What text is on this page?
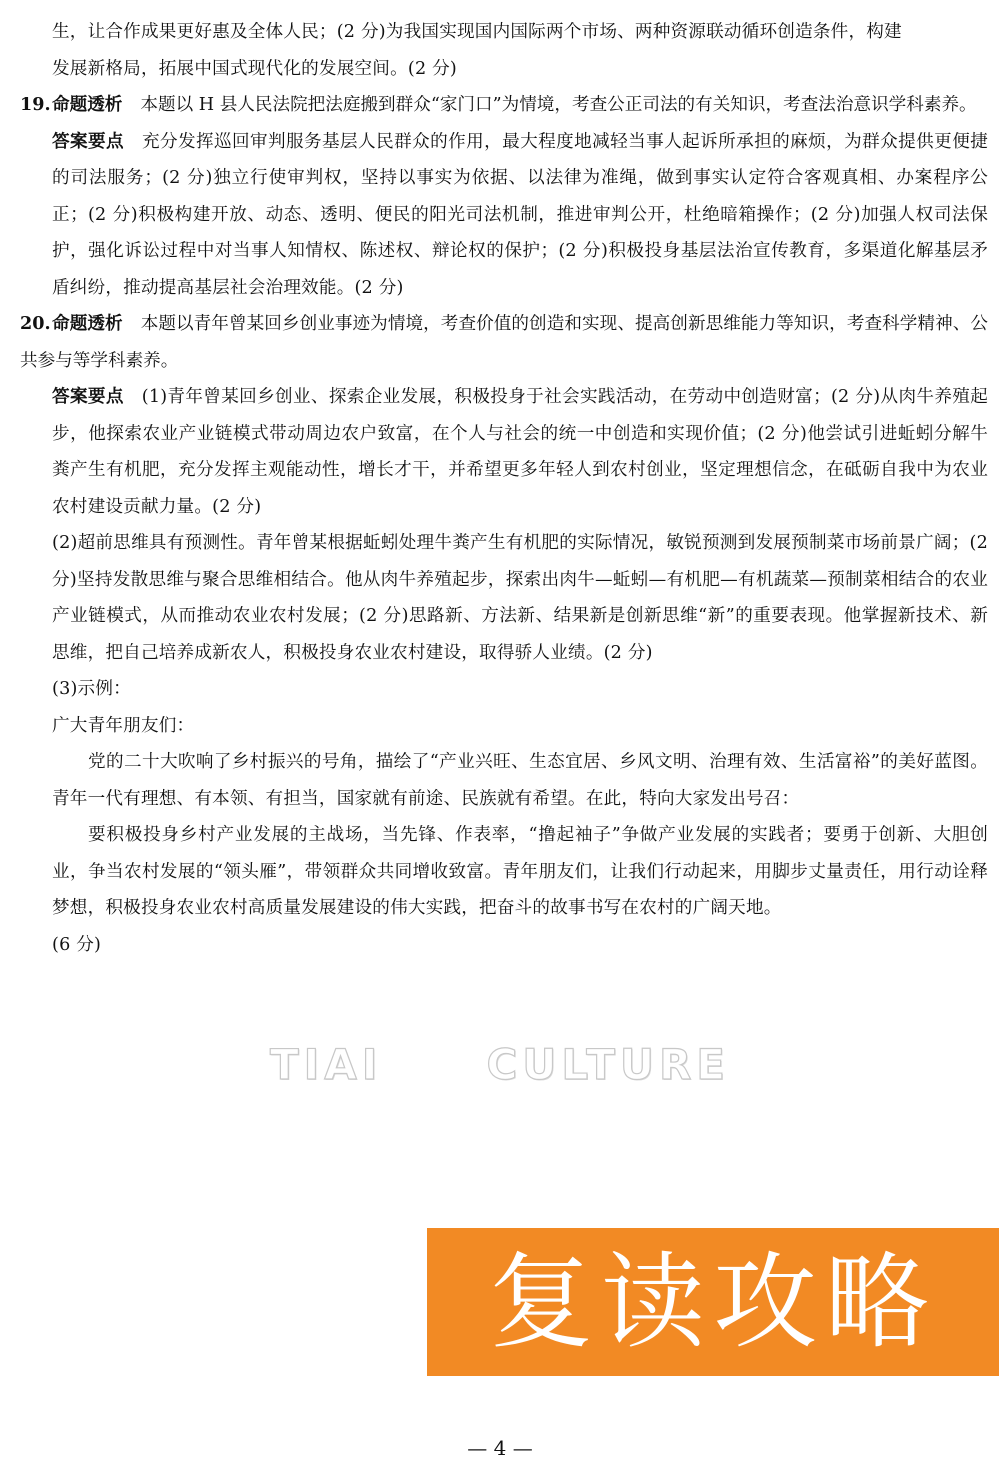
生，让合作成果更好惠及全体人民；(2 分)为我国实现国内国际两个市场、两种资源联动循环创造条件，构建

发展新格局，拓展中国式现代化的发展空间。(2 分)

19.命题透析 本题以 H 县人民法院把法庭搬到群众“家门口”为情境，考查公正司法的有关知识，考查法治意识学科素养。

答案要点 充分发挥巡回审判服务基层人民群众的作用，最大程度地减轻当事人起诉所承担的麻烦，为群众提供更便捷的司法服务；(2 分)独立行使审判权，坚持以事实为依据、以法律为准绳，做到事实认定符合客观真相、办案程序公正；(2 分)积极构建开放、动态、透明、便民的阳光司法机制，推进审判公开，杜绝暗箱操作；(2 分)加强人权司法保护，强化诉讼过程中对当事人知情权、陈述权、辩论权的保护；(2 分)积极投身基层法治宣传教育，多渠道化解基层矛盾纠纷，推动提高基层社会治理效能。(2 分)

20.命题透析 本题以青年曾某回乡创业事迹为情境，考查价值的创造和实现、提高创新思维能力等知识，考查科学精神、公共参与等学科素养。

答案要点 (1)青年曾某回乡创业、探索企业发展，积极投身于社会实践活动，在劳动中创造财富；(2 分)从肉牛养殖起步，他探索农业产业链模式带动周边农户致富，在个人与社会的统一中创造和实现价值；(2 分)他尝试引进蚯蚓分解牛粪产生有机肥，充分发挥主观能动性，增长才干，并希望更多年轻人到农村创业，坚定理想信念，在砥砺自我中为农业农村建设贡献力量。(2 分)

(2)超前思维具有预测性。青年曾某根据蚯蚓处理牛粪产生有机肥的实际情况，敏锐预测到发展预制菜市场前景广阔；(2 分)坚持发散思维与聚合思维相结合。他从肉牛养殖起步，探索出肉牛—蚯蚓—有机肥—有机蔬菜—预制菜相结合的农业产业链模式，从而推动农业农村发展；(2 分)思路新、方法新、结果新是创新思维“新”的重要表现。他掌握新技术、新思维，把自己培养成新农人，积极投身农业农村建设，取得骄人业绩。(2 分)

(3)示例：

广大青年朋友们：

党的二十大吹响了乡村振兴的号角，描绘了“产业兴旺、生态宜居、乡风文明、治理有效、生活富裕”的美好蓝图。青年一代有理想、有本领、有担当，国家就有前途、民族就有希望。在此，特向大家发出号召：

要积极投身乡村产业发展的主战场，当先锋、作表率，“撸起袖子”争做产业发展的实践者；要勇于创新、大胆创业，争当农村发展的“领头雁”，带领群众共同增收致富。青年朋友们，让我们行动起来，用脚步丈量责任，用行动诠释梦想，积极投身农业农村高质量发展建设的伟大实践，把奋斗的故事书写在农村的广阔天地。

(6 分)

TIAI CULTURE
复读攻略
— 4 —
